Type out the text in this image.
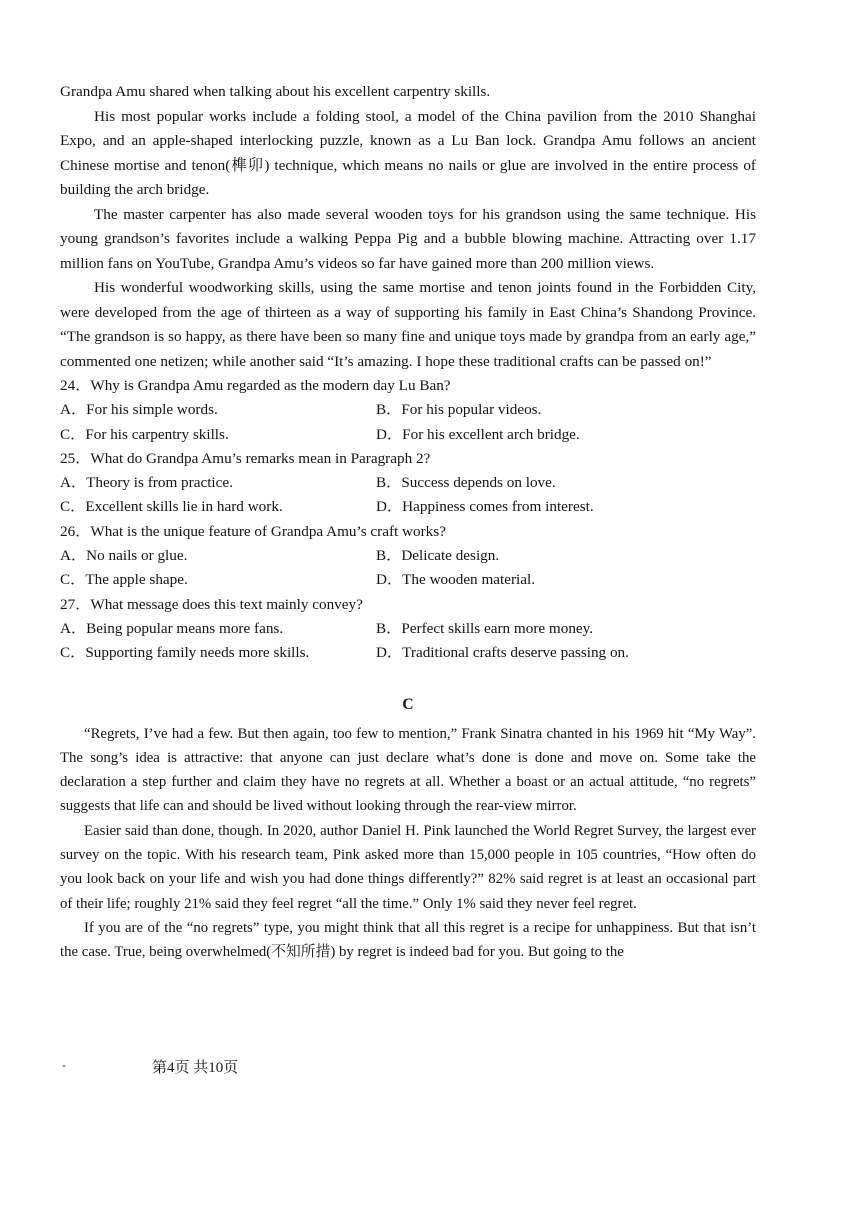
Grandpa Amu shared when talking about his excellent carpentry skills.

His most popular works include a folding stool, a model of the China pavilion from the 2010 Shanghai Expo, and an apple-shaped interlocking puzzle, known as a Lu Ban lock. Grandpa Amu follows an ancient Chinese mortise and tenon(榫卯) technique, which means no nails or glue are involved in the entire process of building the arch bridge.

The master carpenter has also made several wooden toys for his grandson using the same technique. His young grandson’s favorites include a walking Peppa Pig and a bubble blowing machine. Attracting over 1.17 million fans on YouTube, Grandpa Amu’s videos so far have gained more than 200 million views.

His wonderful woodworking skills, using the same mortise and tenon joints found in the Forbidden City, were developed from the age of thirteen as a way of supporting his family in East China’s Shandong Province. “The grandson is so happy, as there have been so many fine and unique toys made by grandpa from an early age,” commented one netizen; while another said “It’s amazing. I hope these traditional crafts can be passed on!”

24．Why is Grandpa Amu regarded as the modern day Lu Ban?

A．For his simple words.	B．For his popular videos.
C．For his carpentry skills.	D．For his excellent arch bridge.

25．What do Grandpa Amu’s remarks mean in Paragraph 2?

A．Theory is from practice.	B．Success depends on love.
C．Excellent skills lie in hard work.	D．Happiness comes from interest.

26．What is the unique feature of Grandpa Amu’s craft works?

A．No nails or glue.	B．Delicate design.
C．The apple shape.	D．The wooden material.

27．What message does this text mainly convey?

A．Being popular means more fans.	B．Perfect skills earn more money.
C．Supporting family needs more skills.	D．Traditional crafts deserve passing on.
C

“Regrets, I’ve had a few. But then again, too few to mention,” Frank Sinatra chanted in his 1969 hit “My Way”. The song’s idea is attractive: that anyone can just declare what’s done is done and move on. Some take the declaration a step further and claim they have no regrets at all. Whether a boast or an actual attitude, “no regrets” suggests that life can and should be lived without looking through the rear-view mirror.

Easier said than done, though. In 2020, author Daniel H. Pink launched the World Regret Survey, the largest ever survey on the topic. With his research team, Pink asked more than 15,000 people in 105 countries, “How often do you look back on your life and wish you had done things differently?” 82% said regret is at least an occasional part of their life; roughly 21% said they feel regret “all the time.” Only 1% said they never feel regret.

If you are of the “no regrets” type, you might think that all this regret is a recipe for unhappiness. But that isn’t the case. True, being overwhelmed(不知所措) by regret is indeed bad for you. But going to the

-	第4页 共10页
